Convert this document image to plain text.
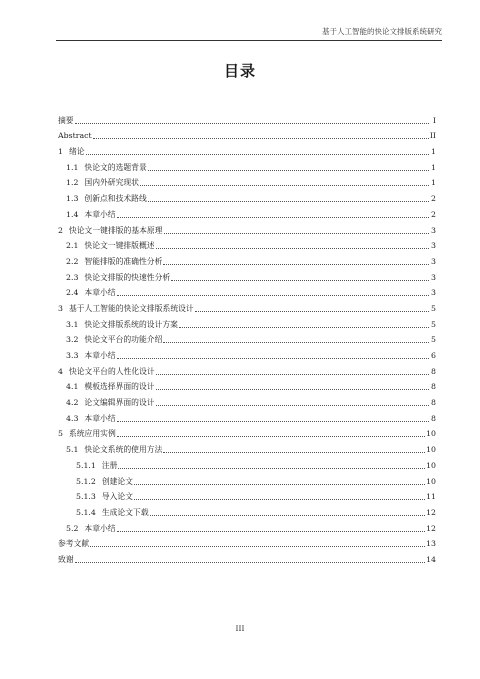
基于人工智能的快论文排版系统研究
目录
摘要	I
Abstract	II
1 绪论	1
1.1 快论文的选题背景	1
1.2 国内外研究现状	1
1.3 创新点和技术路线	2
1.4 本章小结	2
2 快论文一键排版的基本原理	3
2.1 快论文一键排版概述	3
2.2 智能排版的准确性分析	3
2.3 快论文排版的快速性分析	3
2.4 本章小结	3
3 基于人工智能的快论文排版系统设计	5
3.1 快论文排版系统的设计方案	5
3.2 快论文平台的功能介绍	5
3.3 本章小结	6
4 快论文平台的人性化设计	8
4.1 模板选择界面的设计	8
4.2 论文编辑界面的设计	8
4.3 本章小结	8
5 系统应用实例	10
5.1 快论文系统的使用方法	10
5.1.1 注册	10
5.1.2 创建论文	10
5.1.3 导入论文	11
5.1.4 生成论文下载	12
5.2 本章小结	12
参考文献	13
致谢	14
III
